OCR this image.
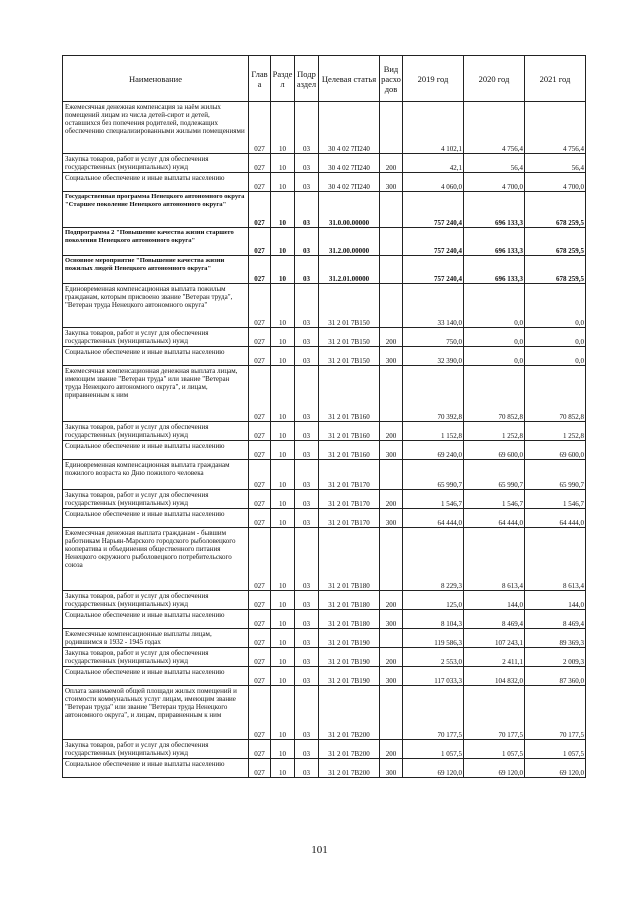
Наименование	Глав а	Разде л	Подр аздел	Целевая статья	Вид расхо дов	2019 год	2020 год	2021 год
Ежемесячная денежная компенсация за наём жилых помещений лицам из числа детей-сирот и детей, оставшихся без попечения родителей, подлежащих обеспечению специализированными жилыми помещениями	027	10	03	30 4 02 7П240		4 102,1	4 756,4	4 756,4
Закупка товаров, работ и услуг для обеспечения государственных (муниципальных) нужд	027	10	03	30 4 02 7П240	200	42,1	56,4	56,4
Социальное обеспечение и иные выплаты населению	027	10	03	30 4 02 7П240	300	4 060,0	4 700,0	4 700,0
Государственная программа Ненецкого автономного округа "Старшее поколение Ненецкого автономного округа"	027	10	03	31.0.00.00000		757 240,4	696 133,3	678 259,5
Подпрограмма 2 "Повышение качества жизни старшего поколения Ненецкого автономного округа"	027	10	03	31.2.00.00000		757 240,4	696 133,3	678 259,5
Основное мероприятие "Повышение качества жизни пожилых людей Ненецкого автономного округа"	027	10	03	31.2.01.00000		757 240,4	696 133,3	678 259,5
Единовременная компенсационная выплата пожилым гражданам, которым присвоено звание "Ветеран труда", "Ветеран труда Ненецкого автономного округа"	027	10	03	31 2 01 7В150		33 140,0	0,0	0,0
Закупка товаров, работ и услуг для обеспечения государственных (муниципальных) нужд	027	10	03	31 2 01 7В150	200	750,0	0,0	0,0
Социальное обеспечение и иные выплаты населению	027	10	03	31 2 01 7В150	300	32 390,0	0,0	0,0
Ежемесячная компенсационная денежная выплата лицам, имеющим звание "Ветеран труда" или звание "Ветеран труда Ненецкого автономного округа", и лицам, приравненным к ним	027	10	03	31 2 01 7В160		70 392,8	70 852,8	70 852,8
Закупка товаров, работ и услуг для обеспечения государственных (муниципальных) нужд	027	10	03	31 2 01 7В160	200	1 152,8	1 252,8	1 252,8
Социальное обеспечение и иные выплаты населению	027	10	03	31 2 01 7В160	300	69 240,0	69 600,0	69 600,0
Единовременная компенсационная выплата гражданам пожилого возраста ко Дню пожилого человека	027	10	03	31 2 01 7В170		65 990,7	65 990,7	65 990,7
Закупка товаров, работ и услуг для обеспечения государственных (муниципальных) нужд	027	10	03	31 2 01 7В170	200	1 546,7	1 546,7	1 546,7
Социальное обеспечение и иные выплаты населению	027	10	03	31 2 01 7В170	300	64 444,0	64 444,0	64 444,0
Ежемесячная денежная выплата гражданам - бывшим работникам Нарьян-Марского городского рыболовецкого кооператива и объединения общественного питания Ненецкого окружного рыболовецкого потребительского союза	027	10	03	31 2 01 7В180		8 229,3	8 613,4	8 613,4
Закупка товаров, работ и услуг для обеспечения государственных (муниципальных) нужд	027	10	03	31 2 01 7В180	200	125,0	144,0	144,0
Социальное обеспечение и иные выплаты населению	027	10	03	31 2 01 7В180	300	8 104,3	8 469,4	8 469,4
Ежемесячные компенсационные выплаты лицам, родившимся в 1932 - 1945 годах	027	10	03	31 2 01 7В190		119 586,3	107 243,1	89 369,3
Закупка товаров, работ и услуг для обеспечения государственных (муниципальных) нужд	027	10	03	31 2 01 7В190	200	2 553,0	2 411,1	2 009,3
Социальное обеспечение и иные выплаты населению	027	10	03	31 2 01 7В190	300	117 033,3	104 832,0	87 360,0
Оплата занимаемой общей площади жилых помещений и стоимости коммунальных услуг лицам, имеющим звание "Ветеран труда" или звание "Ветеран труда Ненецкого автономного округа", и лицам, приравненным к ним	027	10	03	31 2 01 7В200		70 177,5	70 177,5	70 177,5
Закупка товаров, работ и услуг для обеспечения государственных (муниципальных) нужд	027	10	03	31 2 01 7В200	200	1 057,5	1 057,5	1 057,5
Социальное обеспечение и иные выплаты населению	027	10	03	31 2 01 7В200	300	69 120,0	69 120,0	69 120,0
101
